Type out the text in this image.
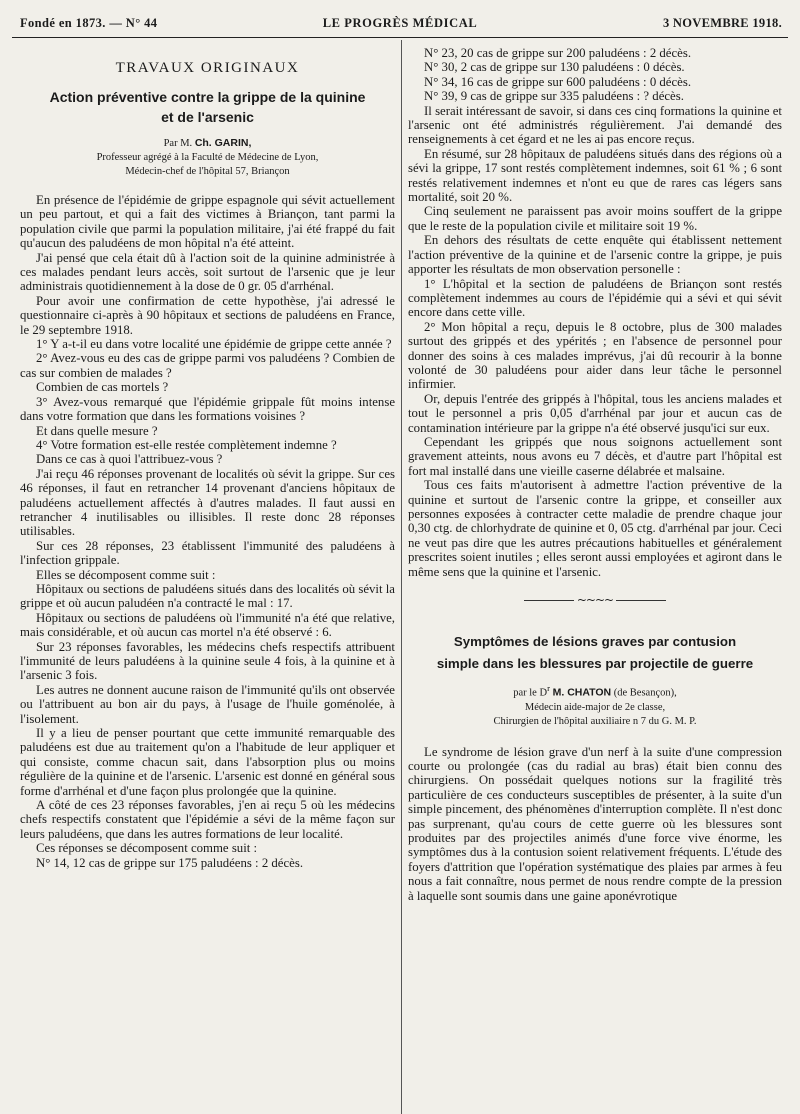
Fondé en 1873. — N° 44	LE PROGRÈS MÉDICAL	3 NOVEMBRE 1918.
TRAVAUX ORIGINAUX
Action préventive contre la grippe de la quinine
et de l'arsenic
Par M. Ch. GARIN,
Professeur agrégé à la Faculté de Médecine de Lyon,
Médecin-chef de l'hôpital 57, Briançon

En présence de l'épidémie de grippe espagnole qui sévit actuellement un peu partout, et qui a fait des victimes à Briançon, tant parmi la population civile que parmi la population militaire, j'ai été frappé du fait qu'aucun des paludéens de mon hôpital n'a été atteint.

J'ai pensé que cela était dû à l'action soit de la quinine administrée à ces malades pendant leurs accès, soit surtout de l'arsenic que je leur administrais quotidiennement à la dose de 0 gr. 05 d'arrhénal.

Pour avoir une confirmation de cette hypothèse, j'ai adressé le questionnaire ci-après à 90 hôpitaux et sections de paludéens en France, le 29 septembre 1918.

1° Y a-t-il eu dans votre localité une épidémie de grippe cette année ?

2° Avez-vous eu des cas de grippe parmi vos paludéens ? Combien de cas sur combien de malades ?

Combien de cas mortels ?

3° Avez-vous remarqué que l'épidémie grippale fût moins intense dans votre formation que dans les formations voisines ?

Et dans quelle mesure ?

4° Votre formation est-elle restée complètement indemne ?

Dans ce cas à quoi l'attribuez-vous ?

J'ai reçu 46 réponses provenant de localités où sévit la grippe. Sur ces 46 réponses, il faut en retrancher 14 provenant d'anciens hôpitaux de paludéens actuellement affectés à d'autres malades. Il faut aussi en retrancher 4 inutilisables ou illisibles. Il reste donc 28 réponses utilisables.

Sur ces 28 réponses, 23 établissent l'immunité des paludéens à l'infection grippale.

Elles se décomposent comme suit :

Hôpitaux ou sections de paludéens situés dans des localités où sévit la grippe et où aucun paludéen n'a contracté le mal : 17.

Hôpitaux ou sections de paludéens où l'immunité n'a été que relative, mais considérable, et où aucun cas mortel n'a été observé : 6.

Sur 23 réponses favorables, les médecins chefs respectifs attribuent l'immunité de leurs paludéens à la quinine seule 4 fois, à la quinine et à l'arsenic 3 fois.

Les autres ne donnent aucune raison de l'immunité qu'ils ont observée ou l'attribuent au bon air du pays, à l'usage de l'huile goménolée, à l'isolement.

Il y a lieu de penser pourtant que cette immunité remarquable des paludéens est due au traitement qu'on a l'habitude de leur appliquer et qui consiste, comme chacun sait, dans l'absorption plus ou moins régulière de la quinine et de l'arsenic. L'arsenic est donné en général sous forme d'arrhénal et d'une façon plus prolongée que la quinine.

A côté de ces 23 réponses favorables, j'en ai reçu 5 où les médecins chefs respectifs constatent que l'épidémie a sévi de la même façon sur leurs paludéens, que dans les autres formations de leur localité.

Ces réponses se décomposent comme suit :

N° 14, 12 cas de grippe sur 175 paludéens : 2 décès.

N° 23, 20 cas de grippe sur 200 paludéens : 2 décès.

N° 30, 2 cas de grippe sur 130 paludéens : 0 décès.

N° 34, 16 cas de grippe sur 600 paludéens : 0 décès.

N° 39, 9 cas de grippe sur 335 paludéens : ? décès.

Il serait intéressant de savoir, si dans ces cinq formations la quinine et l'arsenic ont été administrés régulièrement. J'ai demandé des renseignements à cet égard et ne les ai pas encore reçus.

En résumé, sur 28 hôpitaux de paludéens situés dans des régions où a sévi la grippe, 17 sont restés complètement indemnes, soit 61 % ; 6 sont restés relativement indemnes et n'ont eu que de rares cas légers sans mortalité, soit 20 %.

Cinq seulement ne paraissent pas avoir moins souffert de la grippe que le reste de la population civile et militaire soit 19 %.

En dehors des résultats de cette enquête qui établissent nettement l'action préventive de la quinine et de l'arsenic contre la grippe, je puis apporter les résultats de mon observation personelle :

1° L'hôpital et la section de paludéens de Briançon sont restés complètement indemmes au cours de l'épidémie qui a sévi et qui sévit encore dans cette ville.

2° Mon hôpital a reçu, depuis le 8 octobre, plus de 300 malades surtout des grippés et des ypérités ; en l'absence de personnel pour donner des soins à ces malades imprévus, j'ai dû recourir à la bonne volonté de 30 paludéens pour aider dans leur tâche le personnel infirmier.

Or, depuis l'entrée des grippés à l'hôpital, tous les anciens malades et tout le personnel a pris 0,05 d'arrhénal par jour et aucun cas de contamination intérieure par la grippe n'a été observé jusqu'ici sur eux.

Cependant les grippés que nous soignons actuellement sont gravement atteints, nous avons eu 7 décès, et d'autre part l'hôpital est fort mal installé dans une vieille caserne délabrée et malsaine.

Tous ces faits m'autorisent à admettre l'action préventive de la quinine et surtout de l'arsenic contre la grippe, et conseiller aux personnes exposées à contracter cette maladie de prendre chaque jour 0,30 ctg. de chlorhydrate de quinine et 0, 05 ctg. d'arrhénal par jour. Ceci ne veut pas dire que les autres précautions habituelles et généralement prescrites soient inutiles ; elles seront aussi employées et agiront dans le même sens que la quinine et l'arsenic.

~~~~
Symptômes de lésions graves par contusion
simple dans les blessures par projectile de guerre
par le $D^r$ M. CHATON (de Besançon),
Médecin aide-major de 2e classe,
Chirurgien de l'hôpital auxiliaire n 7 du G. M. P.

Le syndrome de lésion grave d'un nerf à la suite d'une compression courte ou prolongée (cas du radial au bras) était bien connu des chirurgiens. On possédait quelques notions sur la fragilité très particulière de ces conducteurs susceptibles de présenter, à la suite d'un simple pincement, des phénomènes d'interruption complète. Il n'est donc pas surprenant, qu'au cours de cette guerre où les blessures sont produites par des projectiles animés d'une force vive énorme, les symptômes dus à la contusion soient relativement fréquents. L'étude des foyers d'attrition que l'opération systématique des plaies par armes à feu nous a fait connaître, nous permet de nous rendre compte de la pression à laquelle sont soumis dans une gaine aponévrotique
